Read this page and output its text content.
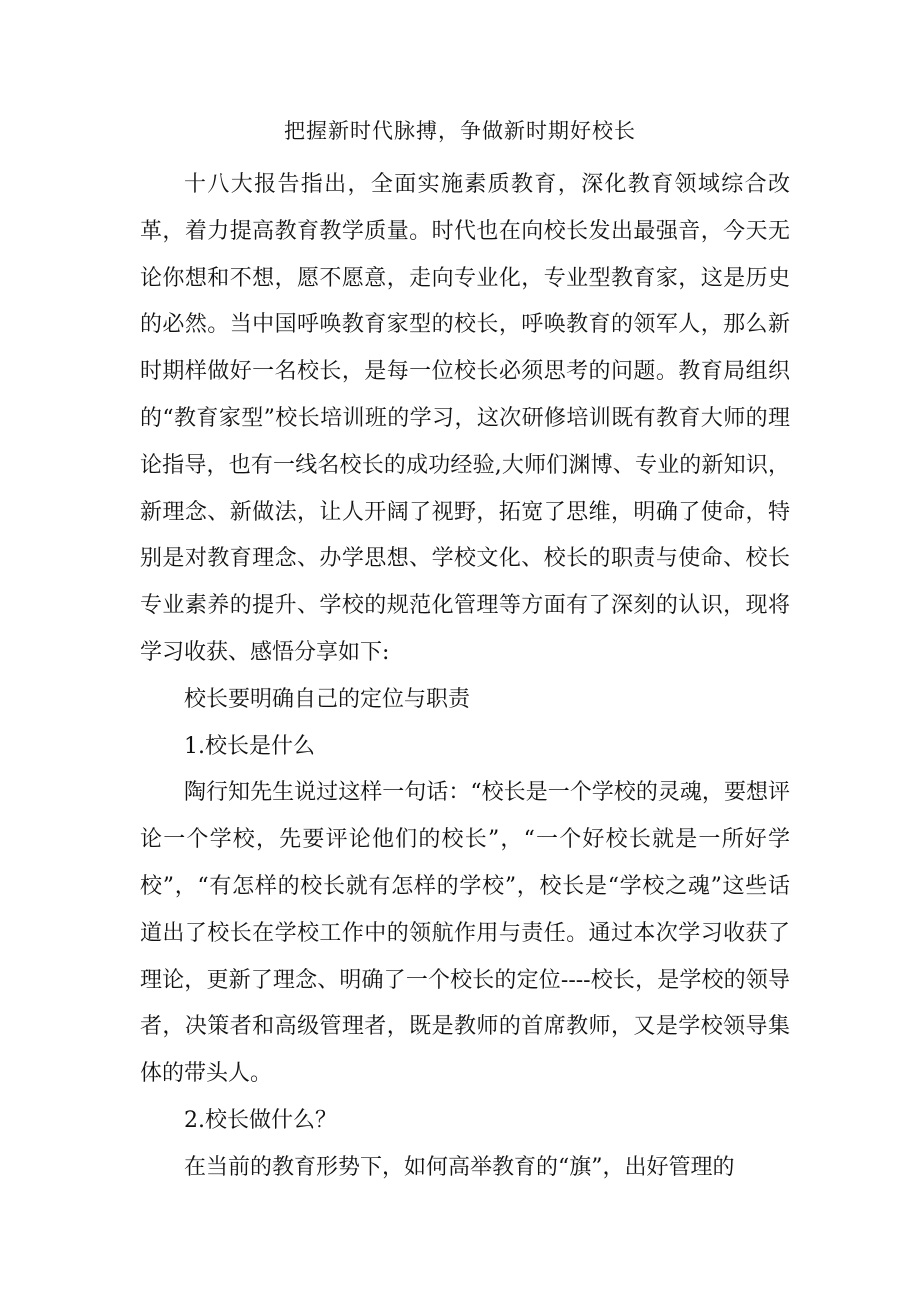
把握新时代脉搏，争做新时期好校长

十八大报告指出，全面实施素质教育，深化教育领域综合改革，着力提高教育教学质量。时代也在向校长发出最强音，今天无论你想和不想，愿不愿意，走向专业化，专业型教育家，这是历史的必然。当中国呼唤教育家型的校长，呼唤教育的领军人，那么新时期样做好一名校长，是每一位校长必须思考的问题。教育局组织的“教育家型”校长培训班的学习，这次研修培训既有教育大师的理论指导，也有一线名校长的成功经验,大师们渊博、专业的新知识，新理念、新做法，让人开阔了视野，拓宽了思维，明确了使命，特别是对教育理念、办学思想、学校文化、校长的职责与使命、校长专业素养的提升、学校的规范化管理等方面有了深刻的认识，现将学习收获、感悟分享如下:

校长要明确自己的定位与职责

1.校长是什么

陶行知先生说过这样一句话：“校长是一个学校的灵魂，要想评论一个学校，先要评论他们的校长”，“一个好校长就是一所好学校”，“有怎样的校长就有怎样的学校”，校长是“学校之魂”这些话道出了校长在学校工作中的领航作用与责任。通过本次学习收获了理论，更新了理念、明确了一个校长的定位----校长，是学校的领导者，决策者和高级管理者，既是教师的首席教师，又是学校领导集体的带头人。

2.校长做什么？

在当前的教育形势下，如何高举教育的“旗”，出好管理的
